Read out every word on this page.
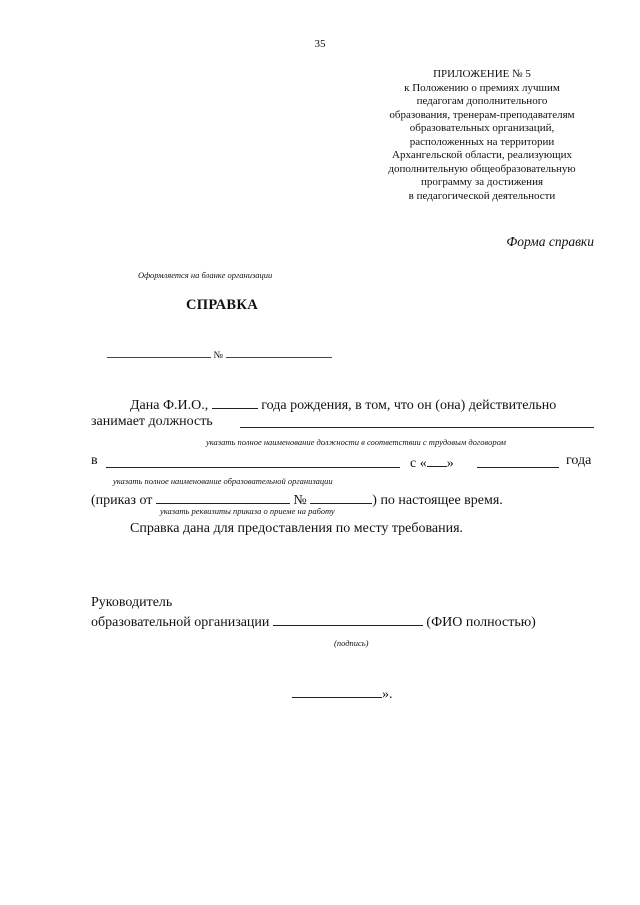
35
ПРИЛОЖЕНИЕ № 5
к Положению о премиях лучшим
педагогам дополнительного
образования, тренерам-преподавателям
образовательных организаций,
расположенных на территории
Архангельской области, реализующих
дополнительную общеобразовательную
программу за достижения
в педагогической деятельности
Форма справки
Оформляется на бланке организации
СПРАВКА
№
Дана Ф.И.О.,	года рождения, в том, что он (она) действительно
занимает должность
указать полное наименование должности в соответствии с трудовым договором
в	с « »	года
указать полное наименование образовательной организации
(приказ от	№	) по настоящее время.
указать реквизиты приказа о приеме на работу
Справка дана для предоставления по месту требования.
Руководитель
образовательной организации	(ФИО полностью)
(подпись)
».
